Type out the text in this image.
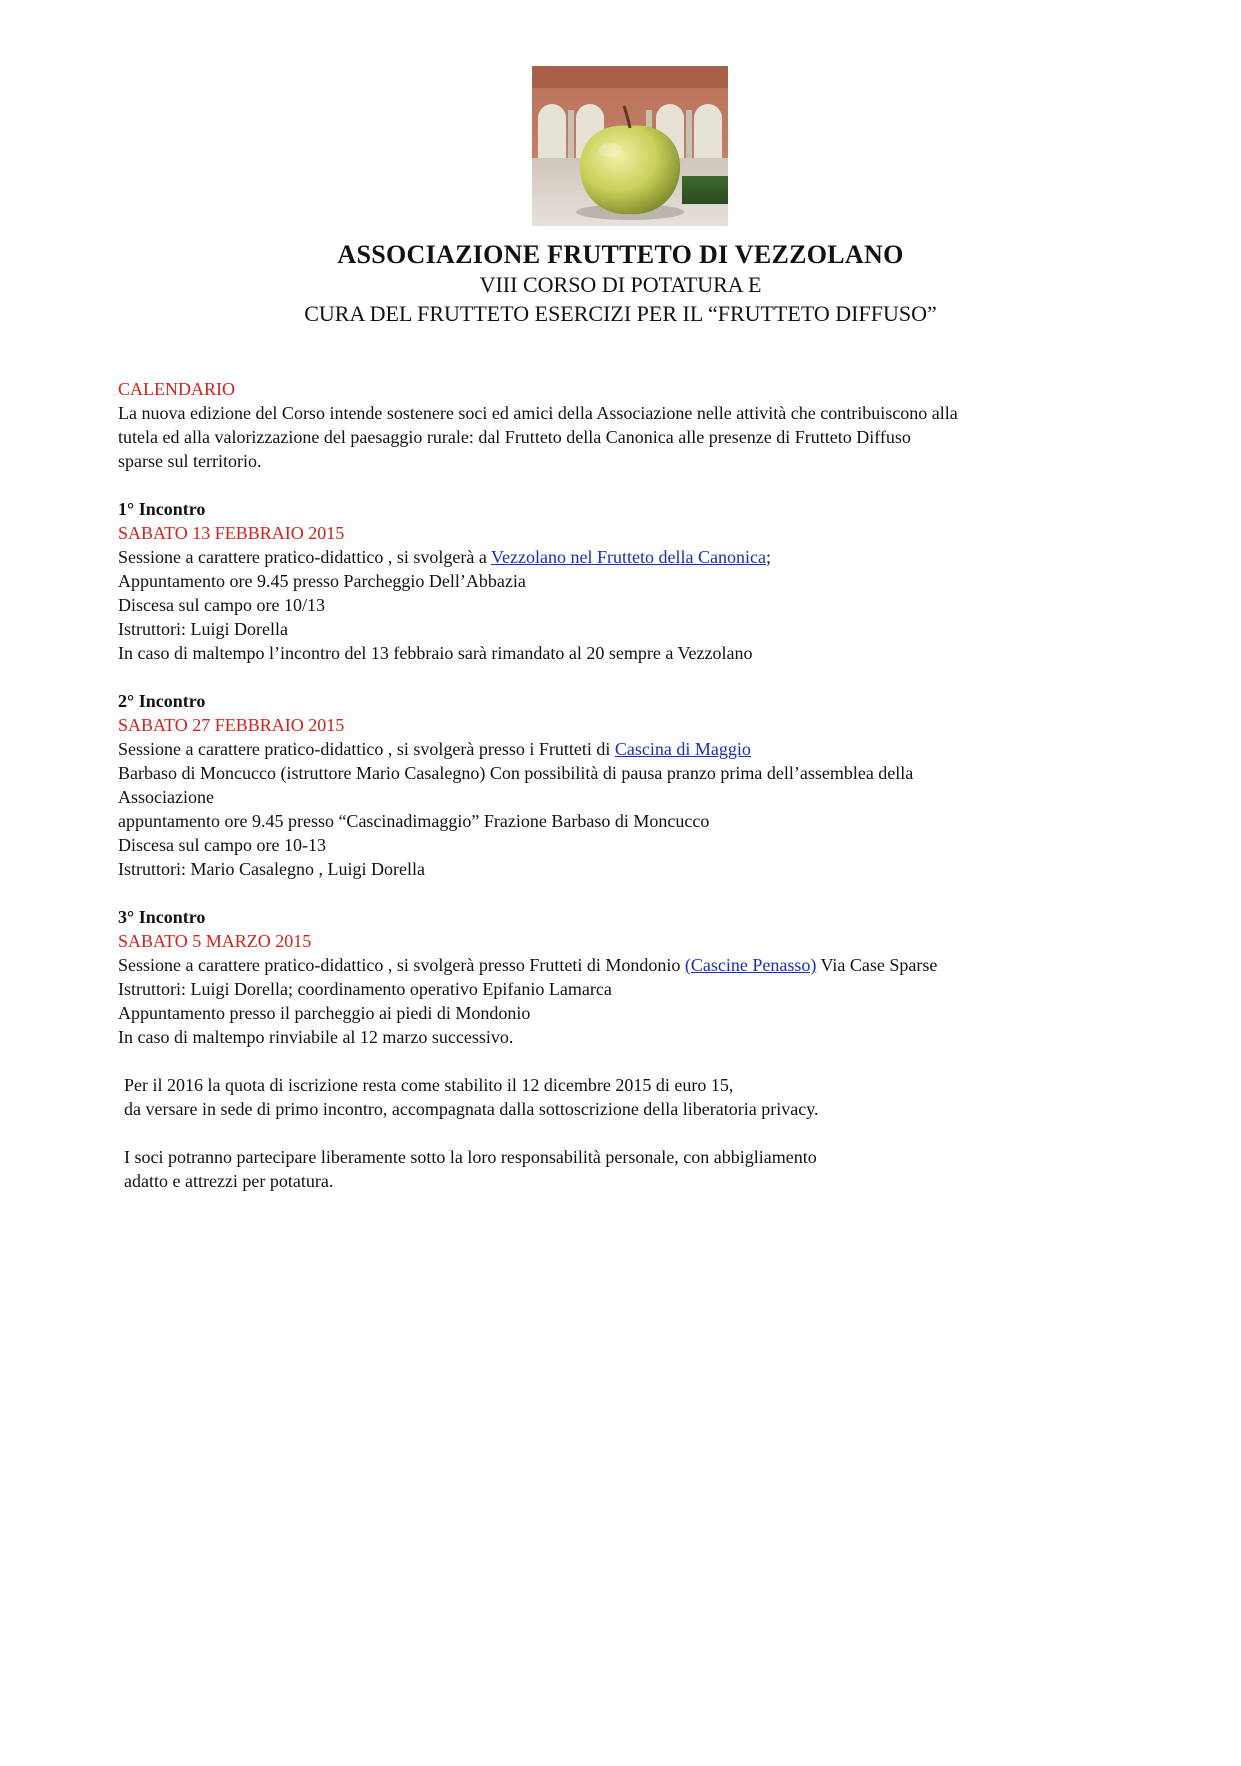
ASSOCIAZIONE FRUTTETO DI VEZZOLANO

VIII CORSO DI POTATURA E

CURA DEL FRUTTETO ESERCIZI PER IL “FRUTTETO DIFFUSO”

CALENDARIO
La nuova edizione del Corso intende sostenere soci ed amici della Associazione nelle attività che contribuiscono alla
tutela ed alla valorizzazione del paesaggio rurale: dal Frutteto della Canonica alle presenze di Frutteto Diffuso
sparse sul territorio.
1° Incontro
SABATO 13 FEBBRAIO 2015
Sessione a carattere pratico-didattico , si svolgerà a Vezzolano nel Frutteto della Canonica;
Appuntamento ore 9.45 presso Parcheggio Dell’Abbazia
Discesa sul campo ore 10/13
Istruttori: Luigi Dorella
In caso di maltempo l’incontro del 13 febbraio sarà rimandato al 20 sempre a Vezzolano
2° Incontro
SABATO 27 FEBBRAIO 2015
Sessione a carattere pratico-didattico , si svolgerà presso i Frutteti di Cascina di Maggio
Barbaso di Moncucco (istruttore Mario Casalegno) Con possibilità di pausa pranzo prima dell’assemblea della
Associazione
appuntamento ore 9.45 presso “Cascinadimaggio” Frazione Barbaso di Moncucco
Discesa sul campo ore 10-13
Istruttori: Mario Casalegno , Luigi Dorella
3° Incontro
SABATO 5 MARZO 2015
Sessione a carattere pratico-didattico , si svolgerà presso Frutteti di Mondonio (Cascine Penasso) Via Case Sparse
Istruttori: Luigi Dorella; coordinamento operativo Epifanio Lamarca
Appuntamento presso il parcheggio ai piedi di Mondonio
In caso di maltempo rinviabile al 12 marzo successivo.
Per il 2016 la quota di iscrizione resta come stabilito il 12 dicembre 2015 di euro 15,
da versare in sede di primo incontro, accompagnata dalla sottoscrizione della liberatoria privacy.
I soci potranno partecipare liberamente sotto la loro responsabilità personale, con abbigliamento
adatto e attrezzi per potatura.
